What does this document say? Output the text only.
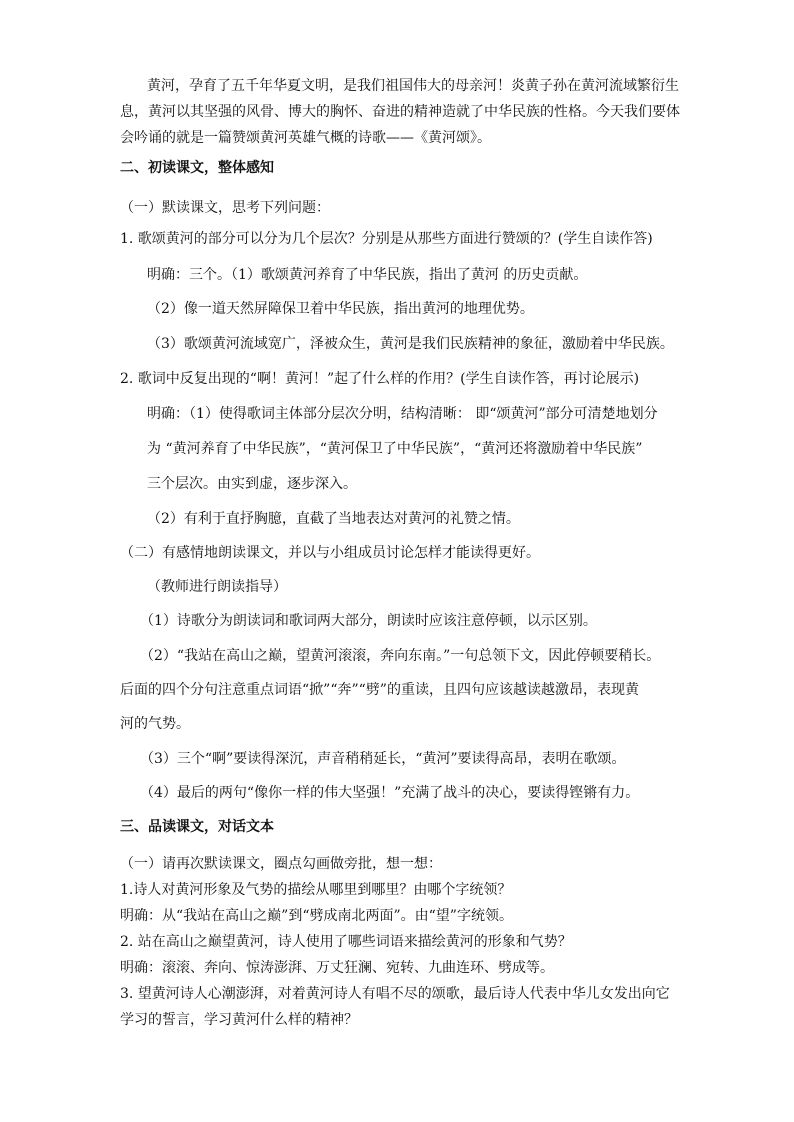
黄河，孕育了五千年华夏文明，是我们祖国伟大的母亲河！炎黄子孙在黄河流域繁衍生
息，黄河以其坚强的风骨、博大的胸怀、奋进的精神造就了中华民族的性格。今天我们要体
会吟诵的就是一篇赞颂黄河英雄气概的诗歌——《黄河颂》。
二、初读课文，整体感知
（一）默读课文，思考下列问题：
1. 歌颂黄河的部分可以分为几个层次？分别是从那些方面进行赞颂的？(学生自读作答)
明确：三个。（1）歌颂黄河养育了中华民族，指出了黄河 的历史贡献。
（2）像一道天然屏障保卫着中华民族，指出黄河的地理优势。
（3）歌颂黄河流域宽广，泽被众生，黄河是我们民族精神的象征，激励着中华民族。
2. 歌词中反复出现的“啊！黄河！”起了什么样的作用？(学生自读作答，再讨论展示)
明确：（1）使得歌词主体部分层次分明，结构清晰： 即“颂黄河”部分可清楚地划分
为 “黄河养育了中华民族”，“黄河保卫了中华民族”，“黄河还将激励着中华民族”
三个层次。由实到虚，逐步深入。
（2）有利于直抒胸臆，直截了当地表达对黄河的礼赞之情。
（二）有感情地朗读课文，并以与小组成员讨论怎样才能读得更好。
（教师进行朗读指导）
（1）诗歌分为朗读词和歌词两大部分，朗读时应该注意停顿，以示区别。
（2）“我站在高山之巅，望黄河滚滚，奔向东南。”一句总领下文，因此停顿要稍长。
后面的四个分句注意重点词语“掀”“奔”“劈”的重读，且四句应该越读越激昂，表现黄
河的气势。
（3）三个“啊”要读得深沉，声音稍稍延长，“黄河”要读得高昂，表明在歌颂。
（4）最后的两句“像你一样的伟大坚强！”充满了战斗的决心，要读得铿锵有力。
三、品读课文，对话文本
（一）请再次默读课文，圈点勾画做旁批，想一想：
1.诗人对黄河形象及气势的描绘从哪里到哪里？由哪个字统领？
明确：从“我站在高山之巅”到“劈成南北两面”。由“望”字统领。
2. 站在高山之巅望黄河，诗人使用了哪些词语来描绘黄河的形象和气势？
明确：滚滚、奔向、惊涛澎湃、万丈狂澜、宛转、九曲连环、劈成等。
3. 望黄河诗人心潮澎湃，对着黄河诗人有唱不尽的颂歌，最后诗人代表中华儿女发出向它
学习的誓言，学习黄河什么样的精神？
